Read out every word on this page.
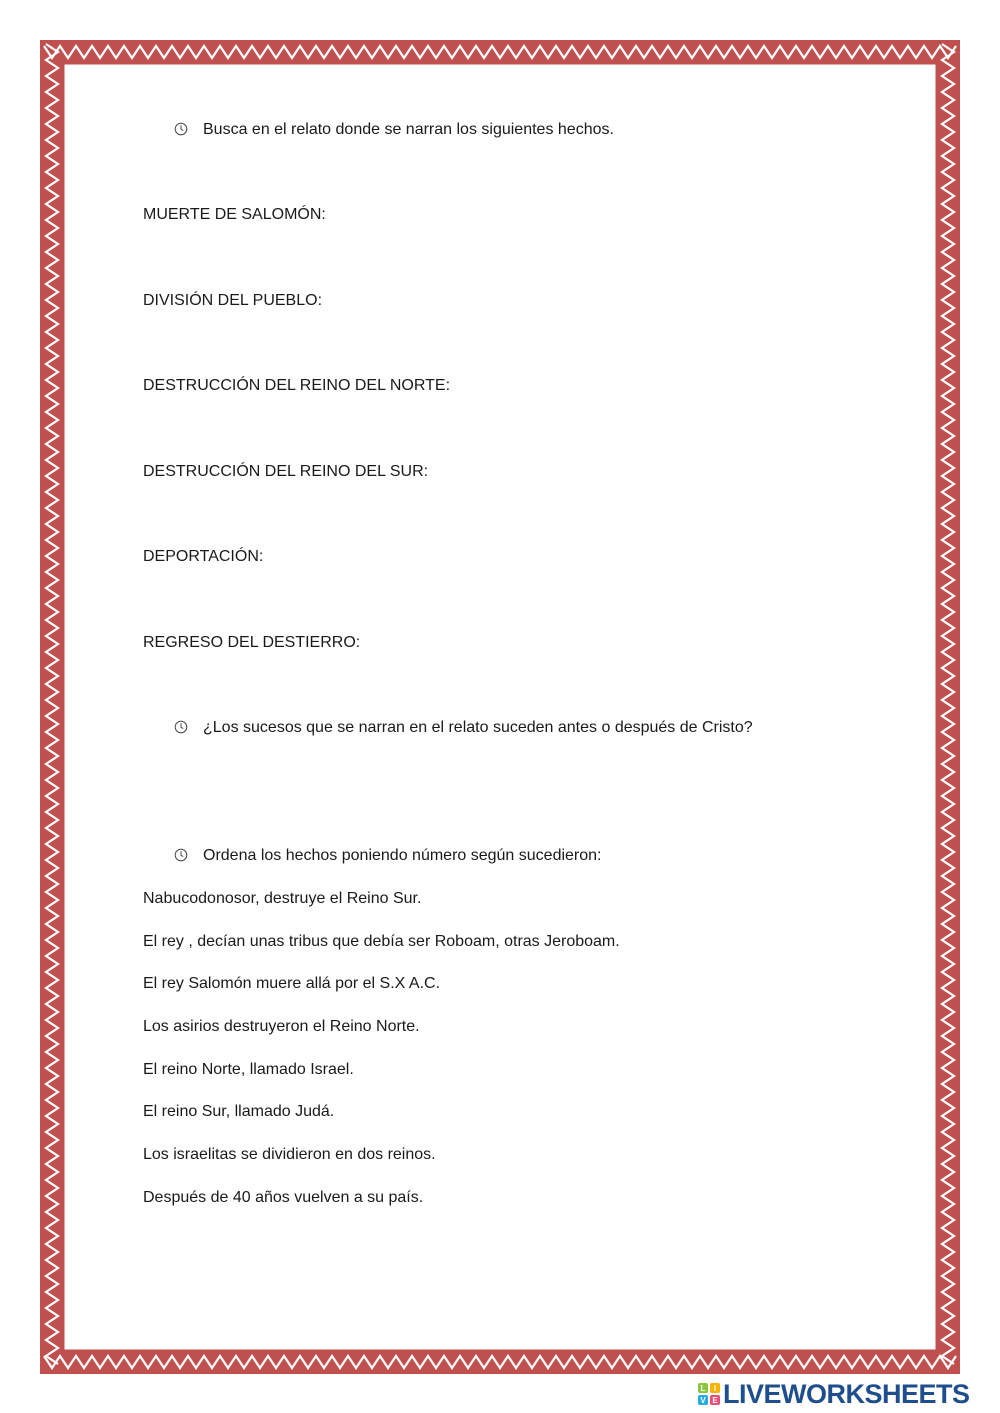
Busca en el relato donde se narran los siguientes hechos.
MUERTE DE SALOMÓN:
DIVISIÓN DEL PUEBLO:
DESTRUCCIÓN DEL REINO DEL NORTE:
DESTRUCCIÓN DEL REINO DEL SUR:
DEPORTACIÓN:
REGRESO DEL DESTIERRO:
¿Los sucesos que se narran en el relato suceden antes o después de Cristo?
Ordena los hechos poniendo número según sucedieron:
Nabucodonosor, destruye el Reino Sur.
El rey , decían unas tribus que debía ser Roboam, otras Jeroboam.
El rey Salomón muere allá por el S.X A.C.
Los asirios destruyeron el Reino Norte.
El reino Norte, llamado Israel.
El reino Sur, llamado Judá.
Los israelitas se dividieron en dos reinos.
Después de 40 años vuelven a su país.
L I
V E LIVEWORKSHEETS
